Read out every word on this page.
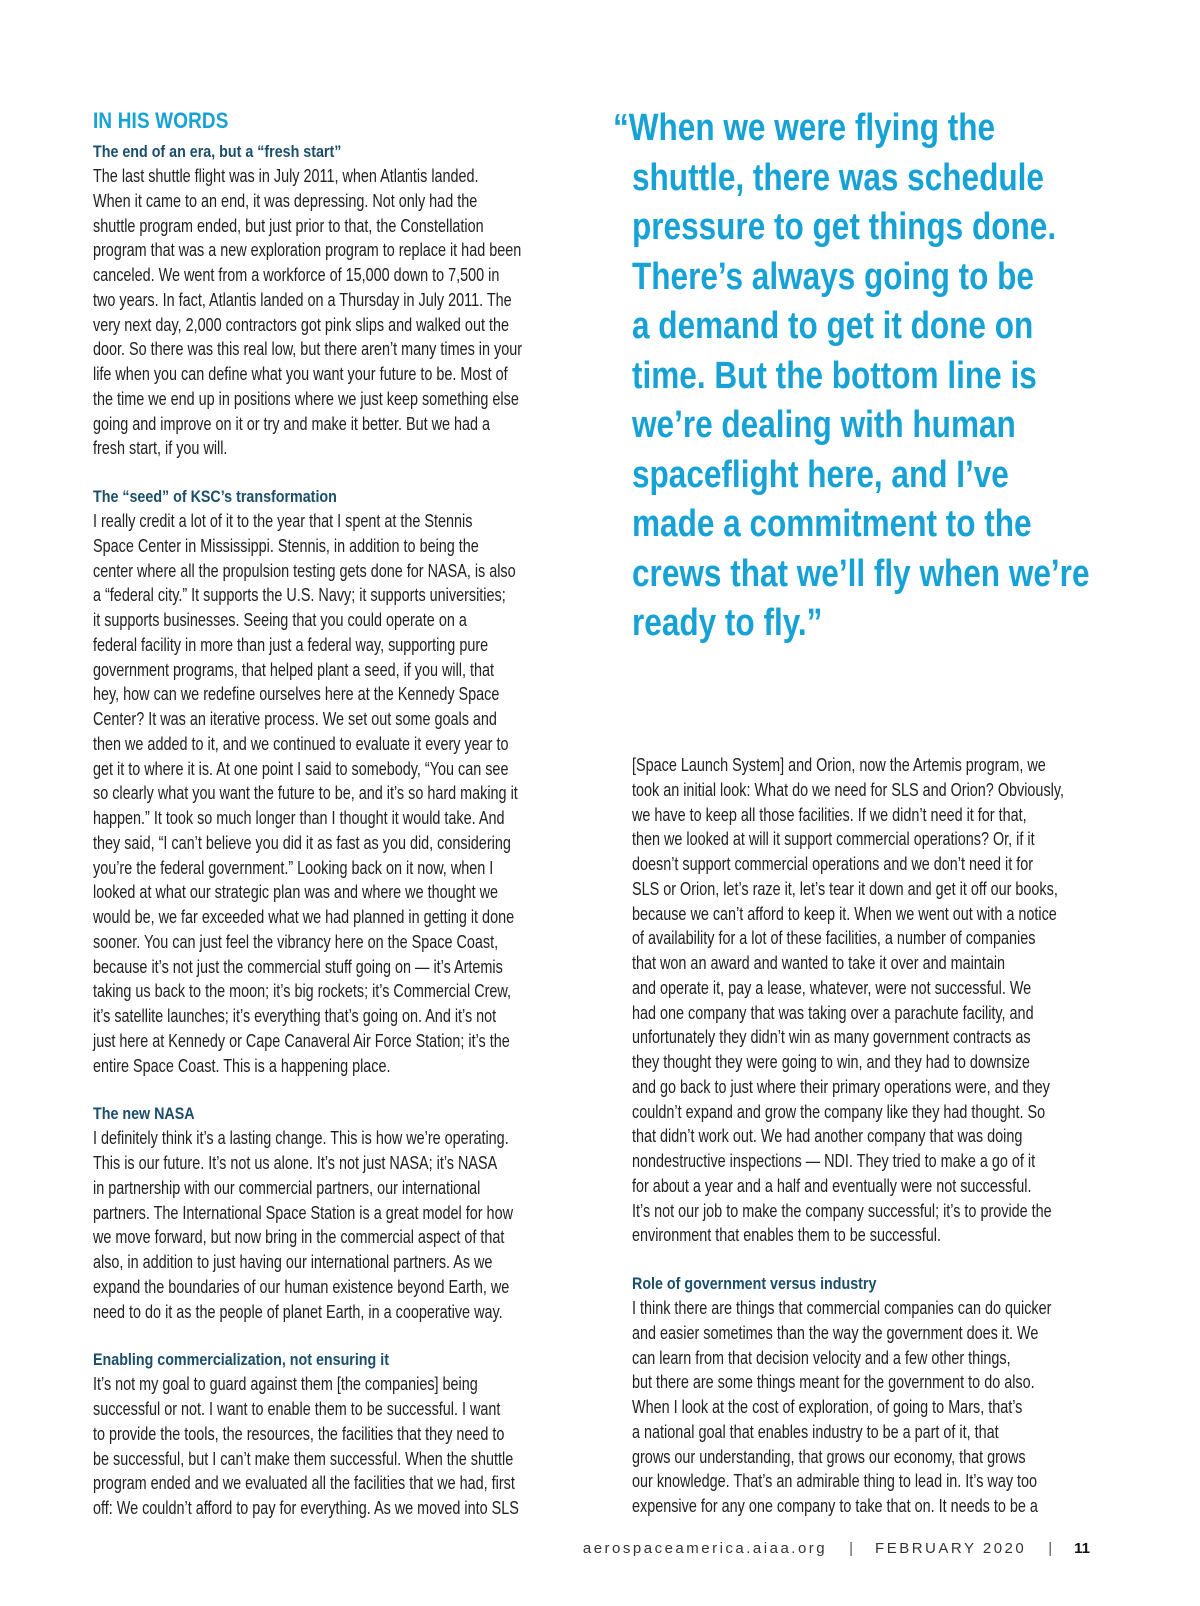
IN HIS WORDS
The end of an era, but a “fresh start”

The last shuttle flight was in July 2011, when Atlantis landed.
When it came to an end, it was depressing. Not only had the
shuttle program ended, but just prior to that, the Constellation
program that was a new exploration program to replace it had been
canceled. We went from a workforce of 15,000 down to 7,500 in
two years. In fact, Atlantis landed on a Thursday in July 2011. The
very next day, 2,000 contractors got pink slips and walked out the
door. So there was this real low, but there aren’t many times in your
life when you can define what you want your future to be. Most of
the time we end up in positions where we just keep something else
going and improve on it or try and make it better. But we had a
fresh start, if you will.

The “seed” of KSC’s transformation

I really credit a lot of it to the year that I spent at the Stennis
Space Center in Mississippi. Stennis, in addition to being the
center where all the propulsion testing gets done for NASA, is also
a “federal city.” It supports the U.S. Navy; it supports universities;
it supports businesses. Seeing that you could operate on a
federal facility in more than just a federal way, supporting pure
government programs, that helped plant a seed, if you will, that
hey, how can we redefine ourselves here at the Kennedy Space
Center? It was an iterative process. We set out some goals and
then we added to it, and we continued to evaluate it every year to
get it to where it is. At one point I said to somebody, “You can see
so clearly what you want the future to be, and it’s so hard making it
happen.” It took so much longer than I thought it would take. And
they said, “I can’t believe you did it as fast as you did, considering
you’re the federal government.” Looking back on it now, when I
looked at what our strategic plan was and where we thought we
would be, we far exceeded what we had planned in getting it done
sooner. You can just feel the vibrancy here on the Space Coast,
because it’s not just the commercial stuff going on — it’s Artemis
taking us back to the moon; it’s big rockets; it’s Commercial Crew,
it’s satellite launches; it’s everything that’s going on. And it’s not
just here at Kennedy or Cape Canaveral Air Force Station; it’s the
entire Space Coast. This is a happening place.

The new NASA

I definitely think it’s a lasting change. This is how we’re operating.
This is our future. It’s not us alone. It’s not just NASA; it’s NASA
in partnership with our commercial partners, our international
partners. The International Space Station is a great model for how
we move forward, but now bring in the commercial aspect of that
also, in addition to just having our international partners. As we
expand the boundaries of our human existence beyond Earth, we
need to do it as the people of planet Earth, in a cooperative way.

Enabling commercialization, not ensuring it

It’s not my goal to guard against them [the companies] being
successful or not. I want to enable them to be successful. I want
to provide the tools, the resources, the facilities that they need to
be successful, but I can’t make them successful. When the shuttle
program ended and we evaluated all the facilities that we had, first
off: We couldn’t afford to pay for everything. As we moved into SLS

“When we were flying the
shuttle, there was schedule
pressure to get things done.
There’s always going to be
a demand to get it done on
time. But the bottom line is
we’re dealing with human
spaceflight here, and I’ve
made a commitment to the
crews that we’ll fly when we’re
ready to fly.”

[Space Launch System] and Orion, now the Artemis program, we
took an initial look: What do we need for SLS and Orion? Obviously,
we have to keep all those facilities. If we didn’t need it for that,
then we looked at will it support commercial operations? Or, if it
doesn’t support commercial operations and we don’t need it for
SLS or Orion, let’s raze it, let’s tear it down and get it off our books,
because we can’t afford to keep it. When we went out with a notice
of availability for a lot of these facilities, a number of companies
that won an award and wanted to take it over and maintain
and operate it, pay a lease, whatever, were not successful. We
had one company that was taking over a parachute facility, and
unfortunately they didn’t win as many government contracts as
they thought they were going to win, and they had to downsize
and go back to just where their primary operations were, and they
couldn’t expand and grow the company like they had thought. So
that didn’t work out. We had another company that was doing
nondestructive inspections — NDI. They tried to make a go of it
for about a year and a half and eventually were not successful.
It’s not our job to make the company successful; it’s to provide the
environment that enables them to be successful.

Role of government versus industry

I think there are things that commercial companies can do quicker
and easier sometimes than the way the government does it. We
can learn from that decision velocity and a few other things,
but there are some things meant for the government to do also.
When I look at the cost of exploration, of going to Mars, that’s
a national goal that enables industry to be a part of it, that
grows our understanding, that grows our economy, that grows
our knowledge. That’s an admirable thing to lead in. It’s way too
expensive for any one company to take that on. It needs to be a

aerospaceamerica.aiaa.org | FEBRUARY 2020 | 11
